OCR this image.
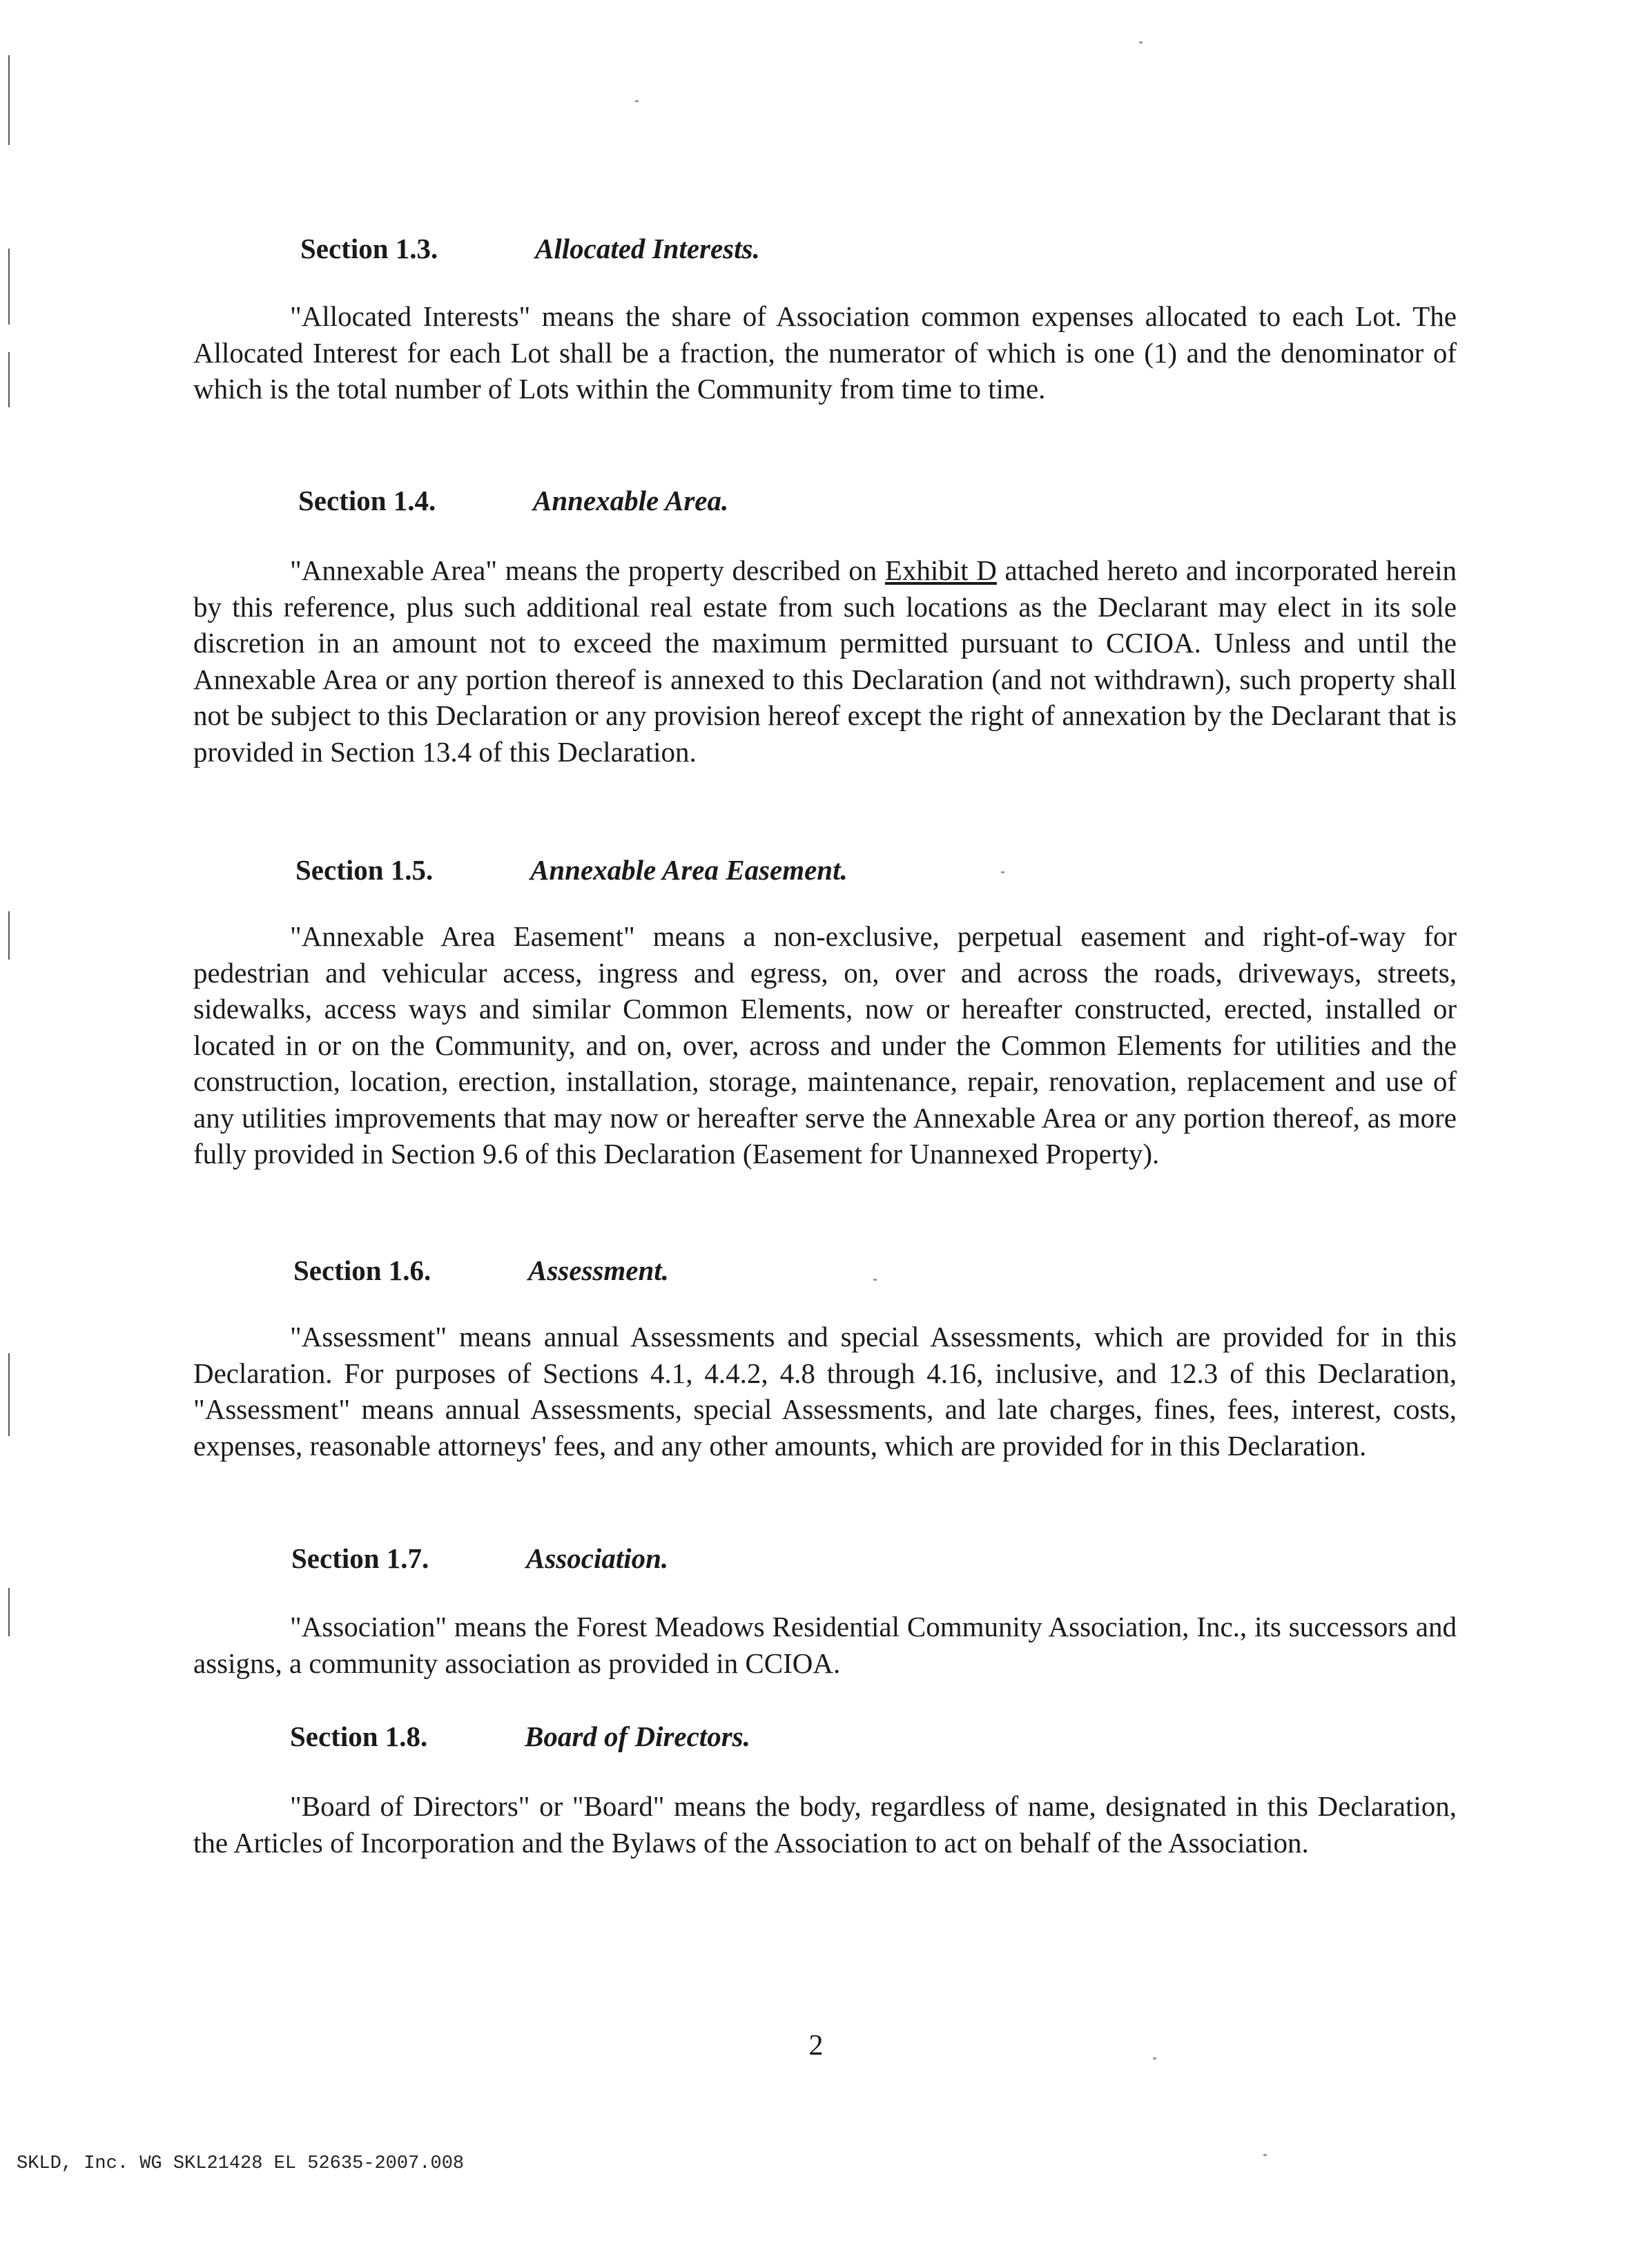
Section 1.3.	Allocated Interests.
"Allocated Interests" means the share of Association common expenses allocated to each Lot. The Allocated Interest for each Lot shall be a fraction, the numerator of which is one (1) and the denominator of which is the total number of Lots within the Community from time to time.
Section 1.4.	Annexable Area.
"Annexable Area" means the property described on Exhibit D attached hereto and incorporated herein by this reference, plus such additional real estate from such locations as the Declarant may elect in its sole discretion in an amount not to exceed the maximum permitted pursuant to CCIOA. Unless and until the Annexable Area or any portion thereof is annexed to this Declaration (and not withdrawn), such property shall not be subject to this Declaration or any provision hereof except the right of annexation by the Declarant that is provided in Section 13.4 of this Declaration.
Section 1.5.	Annexable Area Easement.
"Annexable Area Easement" means a non-exclusive, perpetual easement and right-of-way for pedestrian and vehicular access, ingress and egress, on, over and across the roads, driveways, streets, sidewalks, access ways and similar Common Elements, now or hereafter constructed, erected, installed or located in or on the Community, and on, over, across and under the Common Elements for utilities and the construction, location, erection, installation, storage, maintenance, repair, renovation, replacement and use of any utilities improvements that may now or hereafter serve the Annexable Area or any portion thereof, as more fully provided in Section 9.6 of this Declaration (Easement for Unannexed Property).
Section 1.6.	Assessment.
"Assessment" means annual Assessments and special Assessments, which are provided for in this Declaration. For purposes of Sections 4.1, 4.4.2, 4.8 through 4.16, inclusive, and 12.3 of this Declaration, "Assessment" means annual Assessments, special Assessments, and late charges, fines, fees, interest, costs, expenses, reasonable attorneys' fees, and any other amounts, which are provided for in this Declaration.
Section 1.7.	Association.
"Association" means the Forest Meadows Residential Community Association, Inc., its successors and assigns, a community association as provided in CCIOA.
Section 1.8.	Board of Directors.
"Board of Directors" or "Board" means the body, regardless of name, designated in this Declaration, the Articles of Incorporation and the Bylaws of the Association to act on behalf of the Association.
2
SKLD, Inc. WG SKL21428 EL 52635-2007.008
